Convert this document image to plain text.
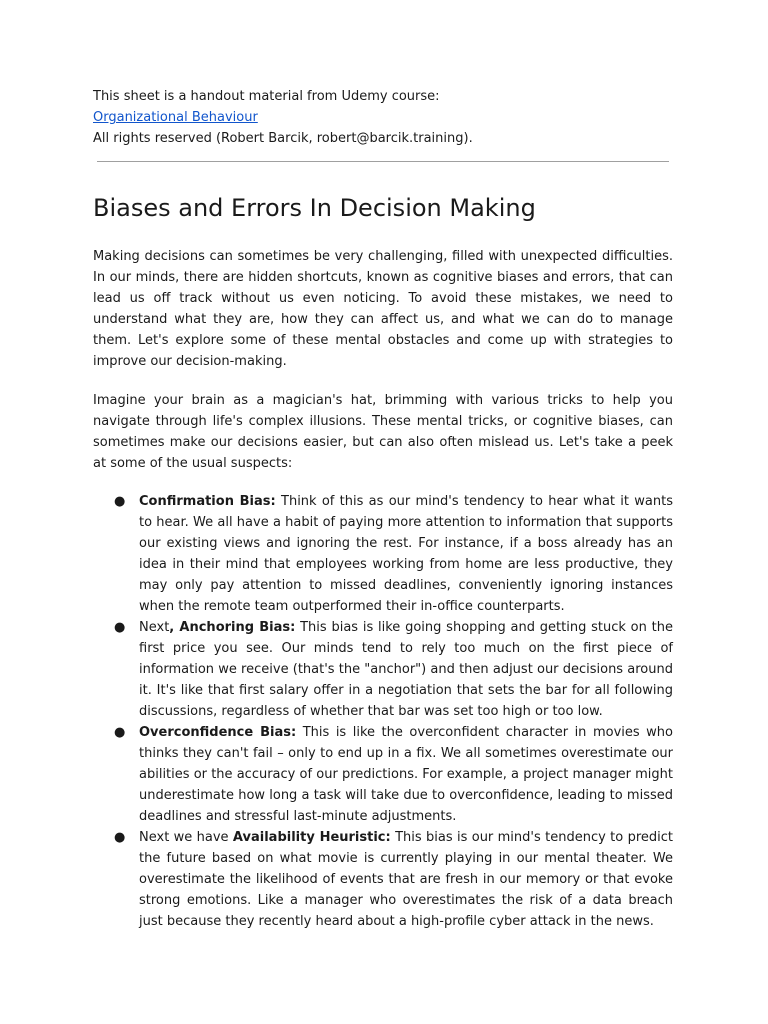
This sheet is a handout material from Udemy course:

Organizational Behaviour

All rights reserved (Robert Barcik, robert@barcik.training).

Biases and Errors In Decision Making

Making decisions can sometimes be very challenging, filled with unexpected difficulties. In our minds, there are hidden shortcuts, known as cognitive biases and errors, that can lead us off track without us even noticing. To avoid these mistakes, we need to understand what they are, how they can affect us, and what we can do to manage them. Let's explore some of these mental obstacles and come up with strategies to improve our decision-making.

Imagine your brain as a magician's hat, brimming with various tricks to help you navigate through life's complex illusions. These mental tricks, or cognitive biases, can sometimes make our decisions easier, but can also often mislead us. Let's take a peek at some of the usual suspects:

● Confirmation Bias: Think of this as our mind's tendency to hear what it wants to hear. We all have a habit of paying more attention to information that supports our existing views and ignoring the rest. For instance, if a boss already has an idea in their mind that employees working from home are less productive, they may only pay attention to missed deadlines, conveniently ignoring instances when the remote team outperformed their in-office counterparts.
● Next, Anchoring Bias: This bias is like going shopping and getting stuck on the first price you see. Our minds tend to rely too much on the first piece of information we receive (that's the "anchor") and then adjust our decisions around it. It's like that first salary offer in a negotiation that sets the bar for all following discussions, regardless of whether that bar was set too high or too low.
● Overconfidence Bias: This is like the overconfident character in movies who thinks they can't fail – only to end up in a fix. We all sometimes overestimate our abilities or the accuracy of our predictions. For example, a project manager might underestimate how long a task will take due to overconfidence, leading to missed deadlines and stressful last-minute adjustments.
● Next we have Availability Heuristic: This bias is our mind's tendency to predict the future based on what movie is currently playing in our mental theater. We overestimate the likelihood of events that are fresh in our memory or that evoke strong emotions. Like a manager who overestimates the risk of a data breach just because they recently heard about a high-profile cyber attack in the news.
